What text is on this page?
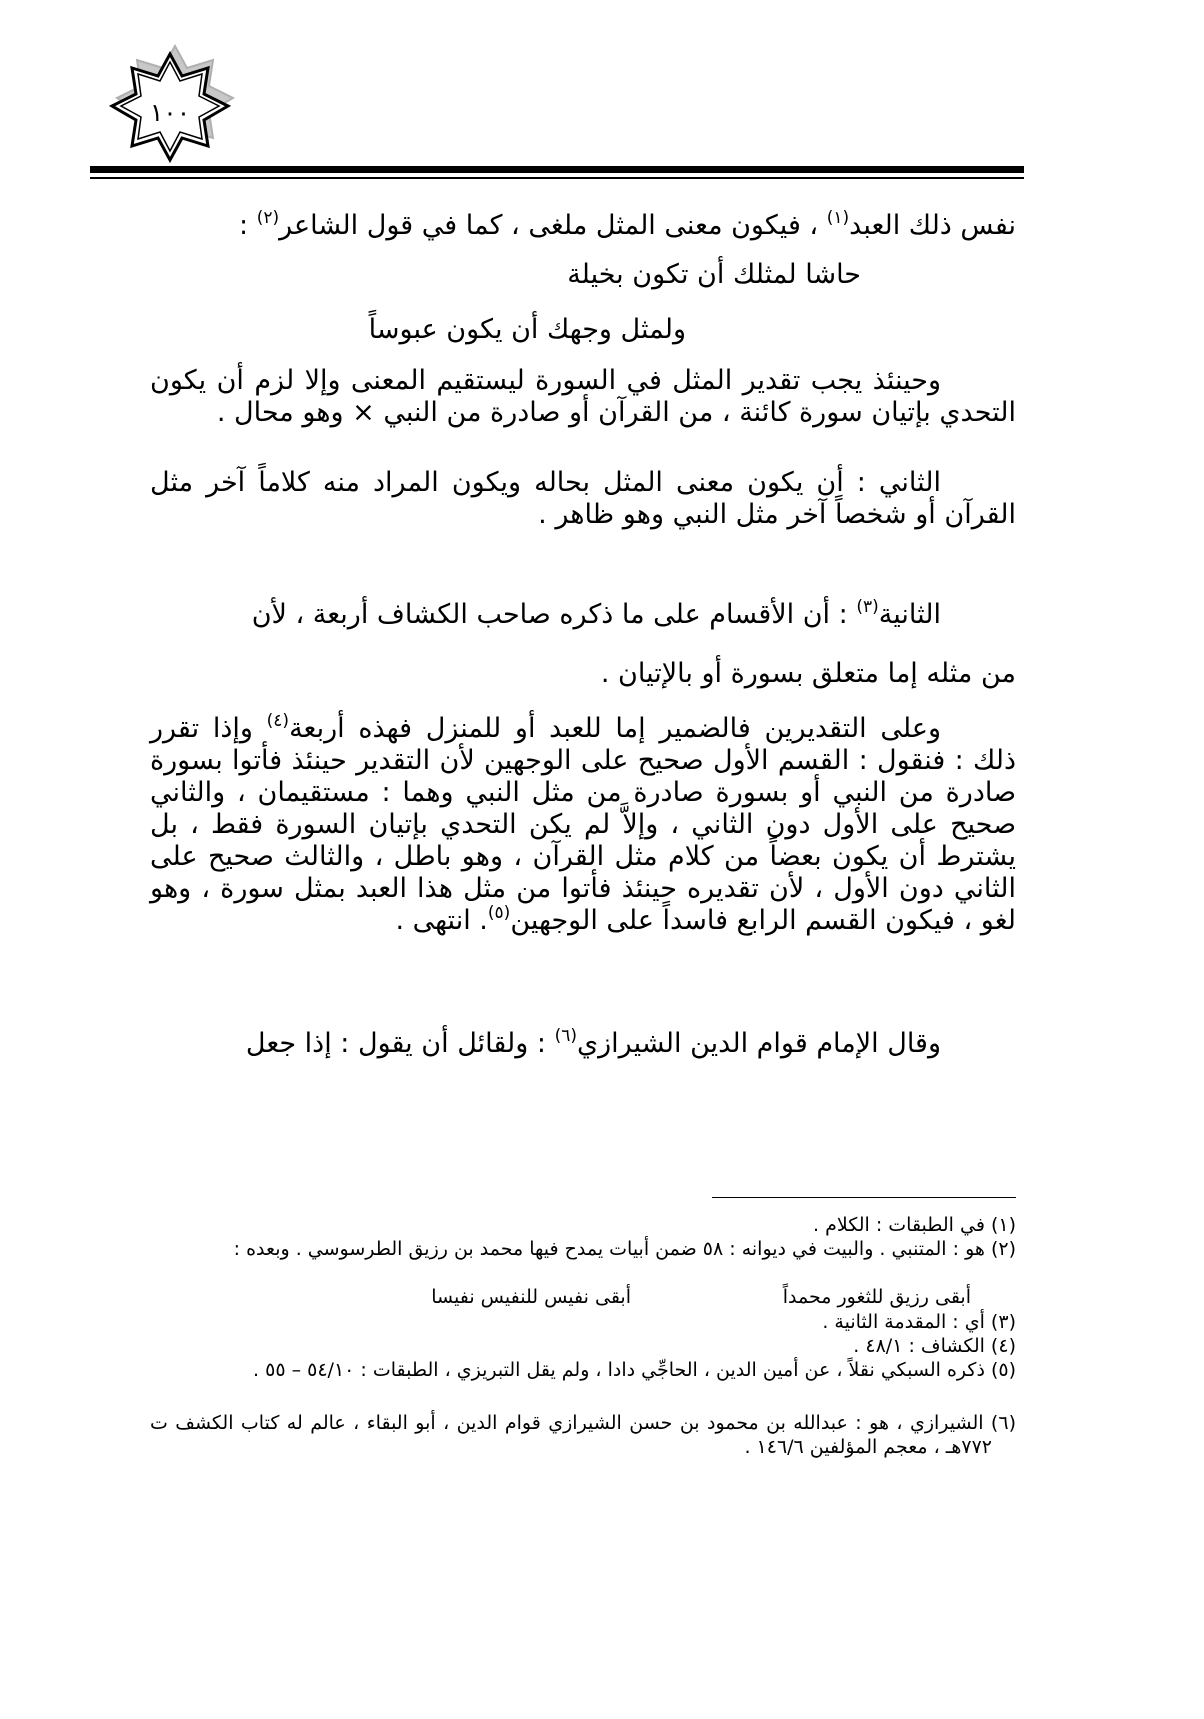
١٠٠
نفس ذلك العبد$^{(١)}$ ، فيكون معنى المثل ملغى ، كما في قول الشاعر$^{(٢)}$ :
حاشا لمثلك أن تكون بخيلة
ولمثل وجهك أن يكون عبوساً
وحينئذ يجب تقدير المثل في السورة ليستقيم المعنى وإلا لزم أن يكون التحدي بإتيان سورة كائنة ، من القرآن أو صادرة من النبي × وهو محال .
الثاني : أن يكون معنى المثل بحاله ويكون المراد منه كلاماً آخر مثل القرآن أو شخصاً آخر مثل النبي وهو ظاهر .
الثانية$^{(٣)}$ : أن الأقسام على ما ذكره صاحب الكشاف أربعة ، لأن
من مثله إما متعلق بسورة أو بالإتيان .
وعلى التقديرين فالضمير إما للعبد أو للمنزل فهذه أربعة$^{(٤)}$ وإذا تقرر ذلك : فنقول : القسم الأول صحيح على الوجهين لأن التقدير حينئذ فأتوا بسورة صادرة من النبي أو بسورة صادرة من مثل النبي وهما : مستقيمان ، والثاني صحيح على الأول دون الثاني ، وإلاَّ لم يكن التحدي بإتيان السورة فقط ، بل يشترط أن يكون بعضاً من كلام مثل القرآن ، وهو باطل ، والثالث صحيح على الثاني دون الأول ، لأن تقديره حينئذ فأتوا من مثل هذا العبد بمثل سورة ، وهو لغو ، فيكون القسم الرابع فاسداً على الوجهين$^{(٥)}$. انتهى .
وقال الإمام قوام الدين الشيرازي$^{(٦)}$ : ولقائل أن يقول : إذا جعل
(١) في الطبقات : الكلام .
(٢) هو : المتنبي . والبيت في ديوانه : ٥٨ ضمن أبيات يمدح فيها محمد بن رزيق الطرسوسي . وبعده :
أبقى رزيق للثغور محمداً
أبقى نفيس للنفيس نفيسا
(٣) أي : المقدمة الثانية .
(٤) الكشاف : ٤٨/١ .
(٥) ذكره السبكي نقلاً ، عن أمين الدين ، الحاجِّي دادا ، ولم يقل التبريزي ، الطبقات : ٥٤/١٠ – ٥٥ .
(٦) الشيرازي ، هو : عبدالله بن محمود بن حسن الشيرازي قوام الدين ، أبو البقاء ، عالم له كتاب الكشف ت ٧٧٢هـ ، معجم المؤلفين ١٤٦/٦ .
